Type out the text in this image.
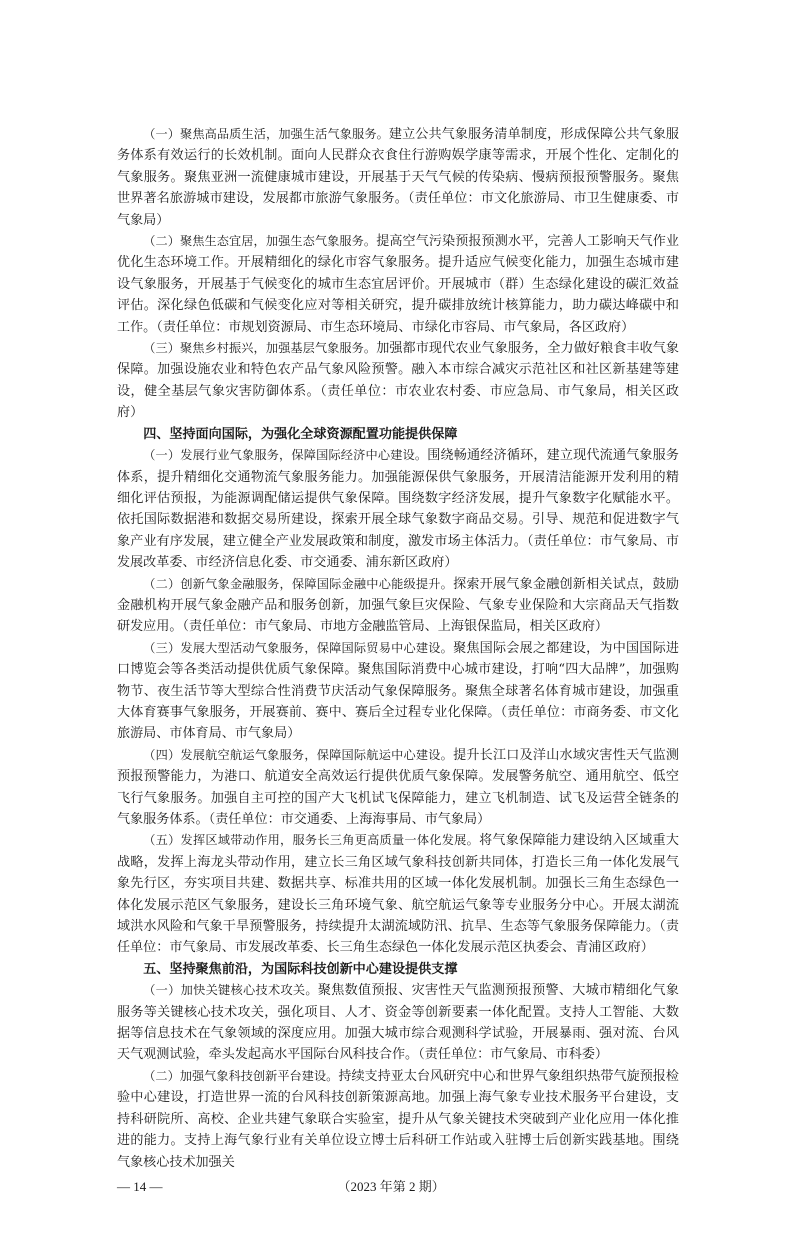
（一）聚焦高品质生活，加强生活气象服务。建立公共气象服务清单制度，形成保障公共气象服务体系有效运行的长效机制。面向人民群众衣食住行游购娱学康等需求，开展个性化、定制化的气象服务。聚焦亚洲一流健康城市建设，开展基于天气气候的传染病、慢病预报预警服务。聚焦世界著名旅游城市建设，发展都市旅游气象服务。（责任单位：市文化旅游局、市卫生健康委、市气象局）

（二）聚焦生态宜居，加强生态气象服务。提高空气污染预报预测水平，完善人工影响天气作业优化生态环境工作。开展精细化的绿化市容气象服务。提升适应气候变化能力，加强生态城市建设气象服务，开展基于气候变化的城市生态宜居评价。开展城市（群）生态绿化建设的碳汇效益评估。深化绿色低碳和气候变化应对等相关研究，提升碳排放统计核算能力，助力碳达峰碳中和工作。（责任单位：市规划资源局、市生态环境局、市绿化市容局、市气象局，各区政府）

（三）聚焦乡村振兴，加强基层气象服务。加强都市现代农业气象服务，全力做好粮食丰收气象保障。加强设施农业和特色农产品气象风险预警。融入本市综合减灾示范社区和社区新基建等建设，健全基层气象灾害防御体系。（责任单位：市农业农村委、市应急局、市气象局，相关区政府）

四、坚持面向国际，为强化全球资源配置功能提供保障

（一）发展行业气象服务，保障国际经济中心建设。围绕畅通经济循环，建立现代流通气象服务体系，提升精细化交通物流气象服务能力。加强能源保供气象服务，开展清洁能源开发利用的精细化评估预报，为能源调配储运提供气象保障。围绕数字经济发展，提升气象数字化赋能水平。依托国际数据港和数据交易所建设，探索开展全球气象数字商品交易。引导、规范和促进数字气象产业有序发展，建立健全产业发展政策和制度，激发市场主体活力。（责任单位：市气象局、市发展改革委、市经济信息化委、市交通委、浦东新区政府）

（二）创新气象金融服务，保障国际金融中心能级提升。探索开展气象金融创新相关试点，鼓励金融机构开展气象金融产品和服务创新，加强气象巨灾保险、气象专业保险和大宗商品天气指数研发应用。（责任单位：市气象局、市地方金融监管局、上海银保监局，相关区政府）

（三）发展大型活动气象服务，保障国际贸易中心建设。聚焦国际会展之都建设，为中国国际进口博览会等各类活动提供优质气象保障。聚焦国际消费中心城市建设，打响“四大品牌”，加强购物节、夜生活节等大型综合性消费节庆活动气象保障服务。聚焦全球著名体育城市建设，加强重大体育赛事气象服务，开展赛前、赛中、赛后全过程专业化保障。（责任单位：市商务委、市文化旅游局、市体育局、市气象局）

（四）发展航空航运气象服务，保障国际航运中心建设。提升长江口及洋山水域灾害性天气监测预报预警能力，为港口、航道安全高效运行提供优质气象保障。发展警务航空、通用航空、低空飞行气象服务。加强自主可控的国产大飞机试飞保障能力，建立飞机制造、试飞及运营全链条的气象服务体系。（责任单位：市交通委、上海海事局、市气象局）

（五）发挥区域带动作用，服务长三角更高质量一体化发展。将气象保障能力建设纳入区域重大战略，发挥上海龙头带动作用，建立长三角区域气象科技创新共同体，打造长三角一体化发展气象先行区，夯实项目共建、数据共享、标准共用的区域一体化发展机制。加强长三角生态绿色一体化发展示范区气象服务，建设长三角环境气象、航空航运气象等专业服务分中心。开展太湖流域洪水风险和气象干旱预警服务，持续提升太湖流域防汛、抗旱、生态等气象服务保障能力。（责任单位：市气象局、市发展改革委、长三角生态绿色一体化发展示范区执委会、青浦区政府）

五、坚持聚焦前沿，为国际科技创新中心建设提供支撑

（一）加快关键核心技术攻关。聚焦数值预报、灾害性天气监测预报预警、大城市精细化气象服务等关键核心技术攻关，强化项目、人才、资金等创新要素一体化配置。支持人工智能、大数据等信息技术在气象领域的深度应用。加强大城市综合观测科学试验，开展暴雨、强对流、台风天气观测试验，牵头发起高水平国际台风科技合作。（责任单位：市气象局、市科委）

（二）加强气象科技创新平台建设。持续支持亚太台风研究中心和世界气象组织热带气旋预报检验中心建设，打造世界一流的台风科技创新策源高地。加强上海气象专业技术服务平台建设，支持科研院所、高校、企业共建气象联合实验室，提升从气象关键技术突破到产业化应用一体化推进的能力。支持上海气象行业有关单位设立博士后科研工作站或入驻博士后创新实践基地。围绕气象核心技术加强关

— 14 —	（2023 年第 2 期）
